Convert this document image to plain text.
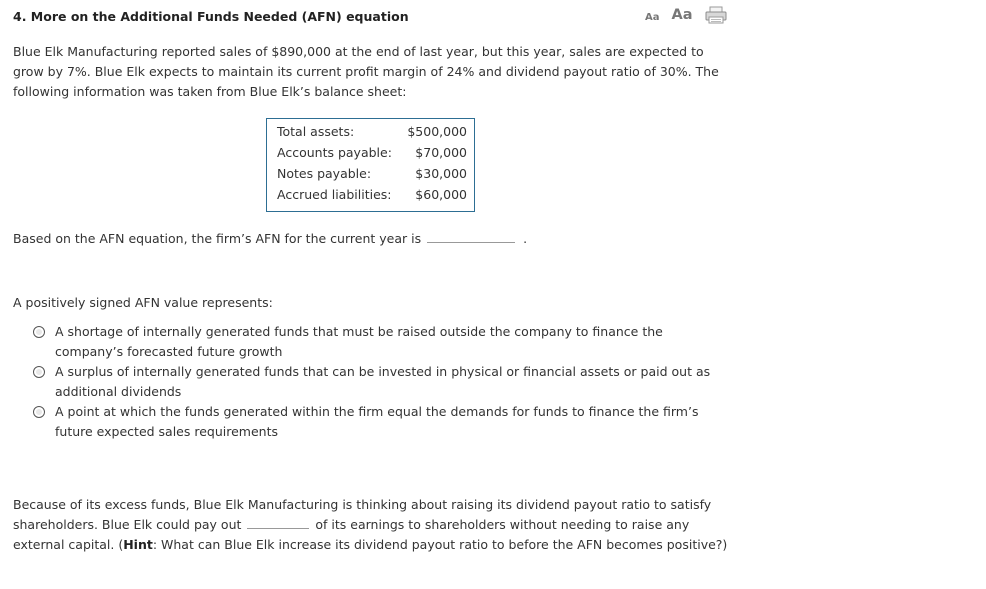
4. More on the Additional Funds Needed (AFN) equation	Aa Aa
Blue Elk Manufacturing reported sales of $890,000 at the end of last year, but this year, sales are expected to grow by 7%. Blue Elk expects to maintain its current profit margin of 24% and dividend payout ratio of 30%. The following information was taken from Blue Elk’s balance sheet:
Total assets:	$500,000
Accounts payable: $70,000
Notes payable:	$30,000
Accrued liabilities: $60,000
Based on the AFN equation, the firm’s AFN for the current year is	.
A positively signed AFN value represents:
A shortage of internally generated funds that must be raised outside the company to finance the company’s forecasted future growth
A surplus of internally generated funds that can be invested in physical or financial assets or paid out as additional dividends
A point at which the funds generated within the firm equal the demands for funds to finance the firm’s future expected sales requirements
Because of its excess funds, Blue Elk Manufacturing is thinking about raising its dividend payout ratio to satisfy shareholders. Blue Elk could pay out	of its earnings to shareholders without needing to raise any external capital. (Hint: What can Blue Elk increase its dividend payout ratio to before the AFN becomes positive?)
